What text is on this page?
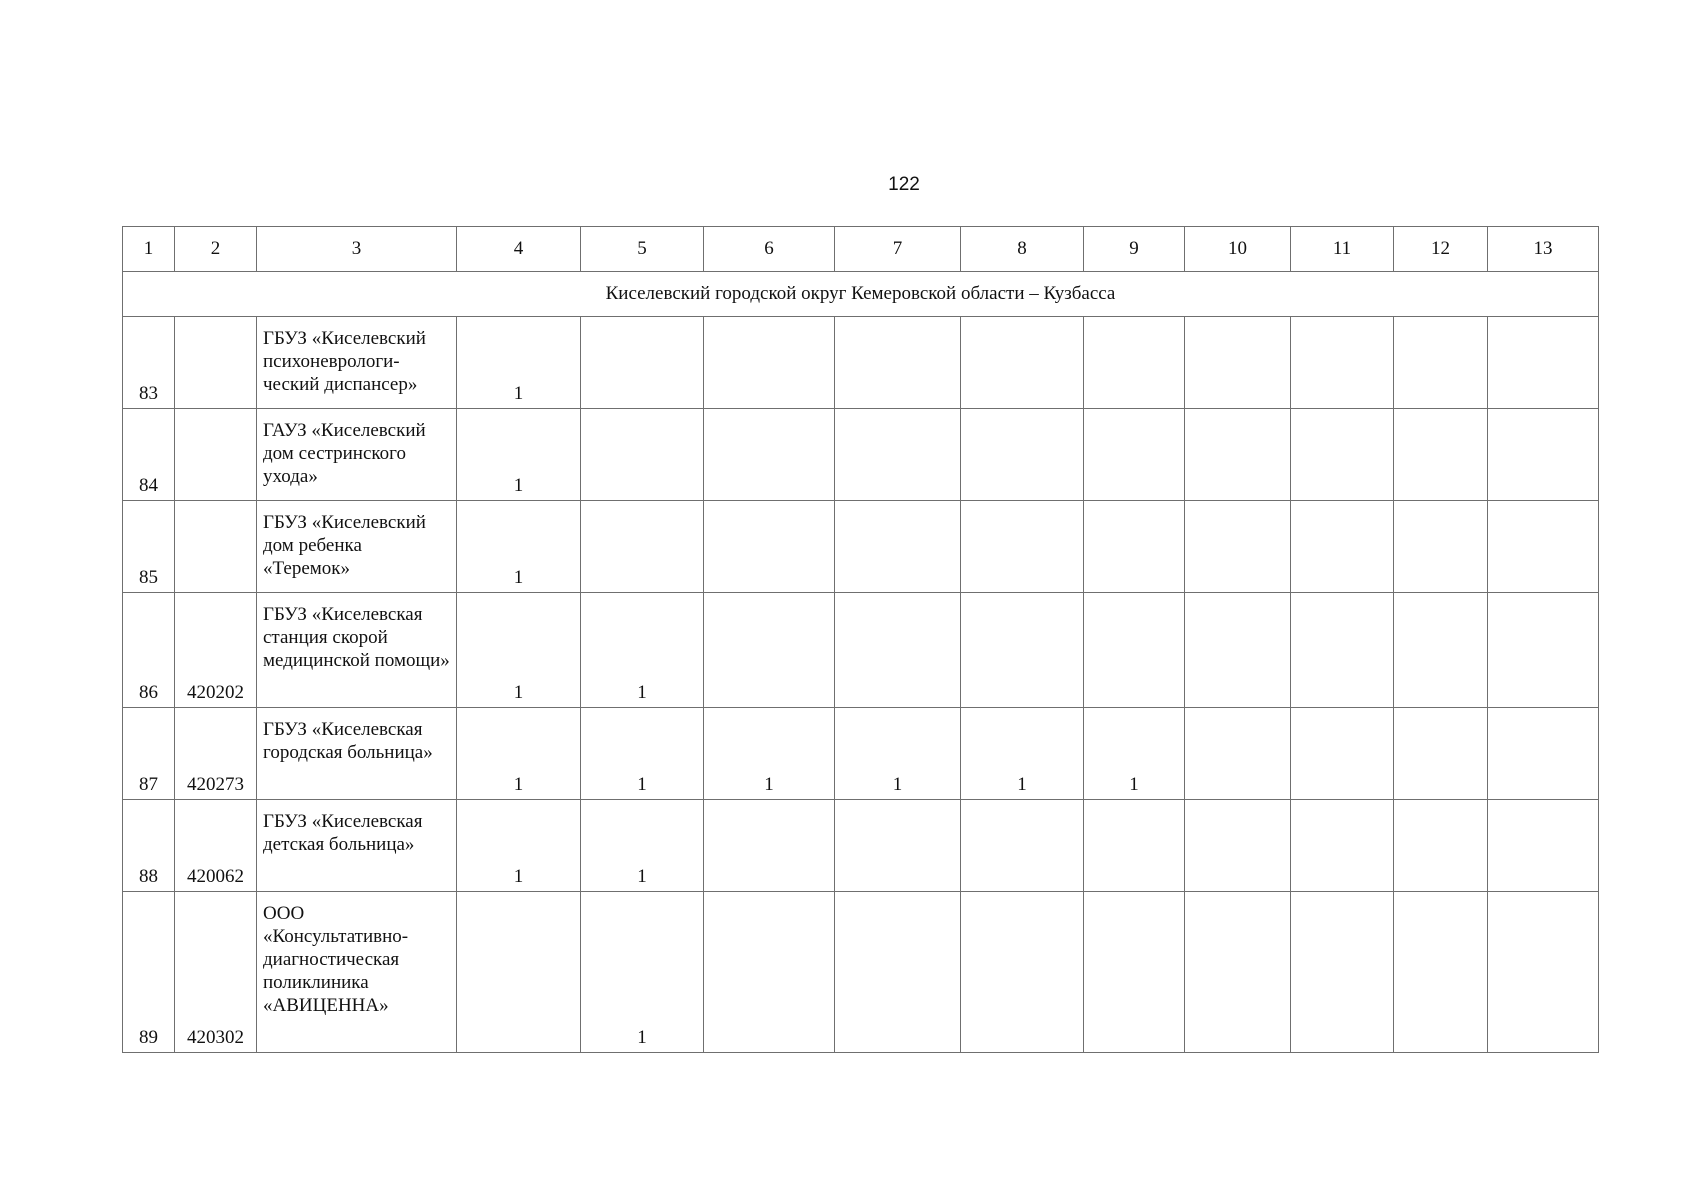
122
1	2	3	4	5	6	7	8	9	10	11	12	13
Киселевский городской округ Кемеровской области – Кузбасса												

83		ГБУЗ «Киселевский психоневрологи-ческий диспансер»	1									

84		ГАУЗ «Киселевский дом сестринского ухода»	1									

85		ГБУЗ «Киселевский дом ребенка «Теремок»	1									

86	420202	ГБУЗ «Киселевская станция скорой медицинской помощи»	1	1								

87	420273	ГБУЗ «Киселевская городская больница»	1	1	1	1	1	1				

88	420062	ГБУЗ «Киселевская детская больница»	1	1								

89	420302	ООО «Консультативно-диагностическая поликлиника «АВИЦЕННА»		1								
